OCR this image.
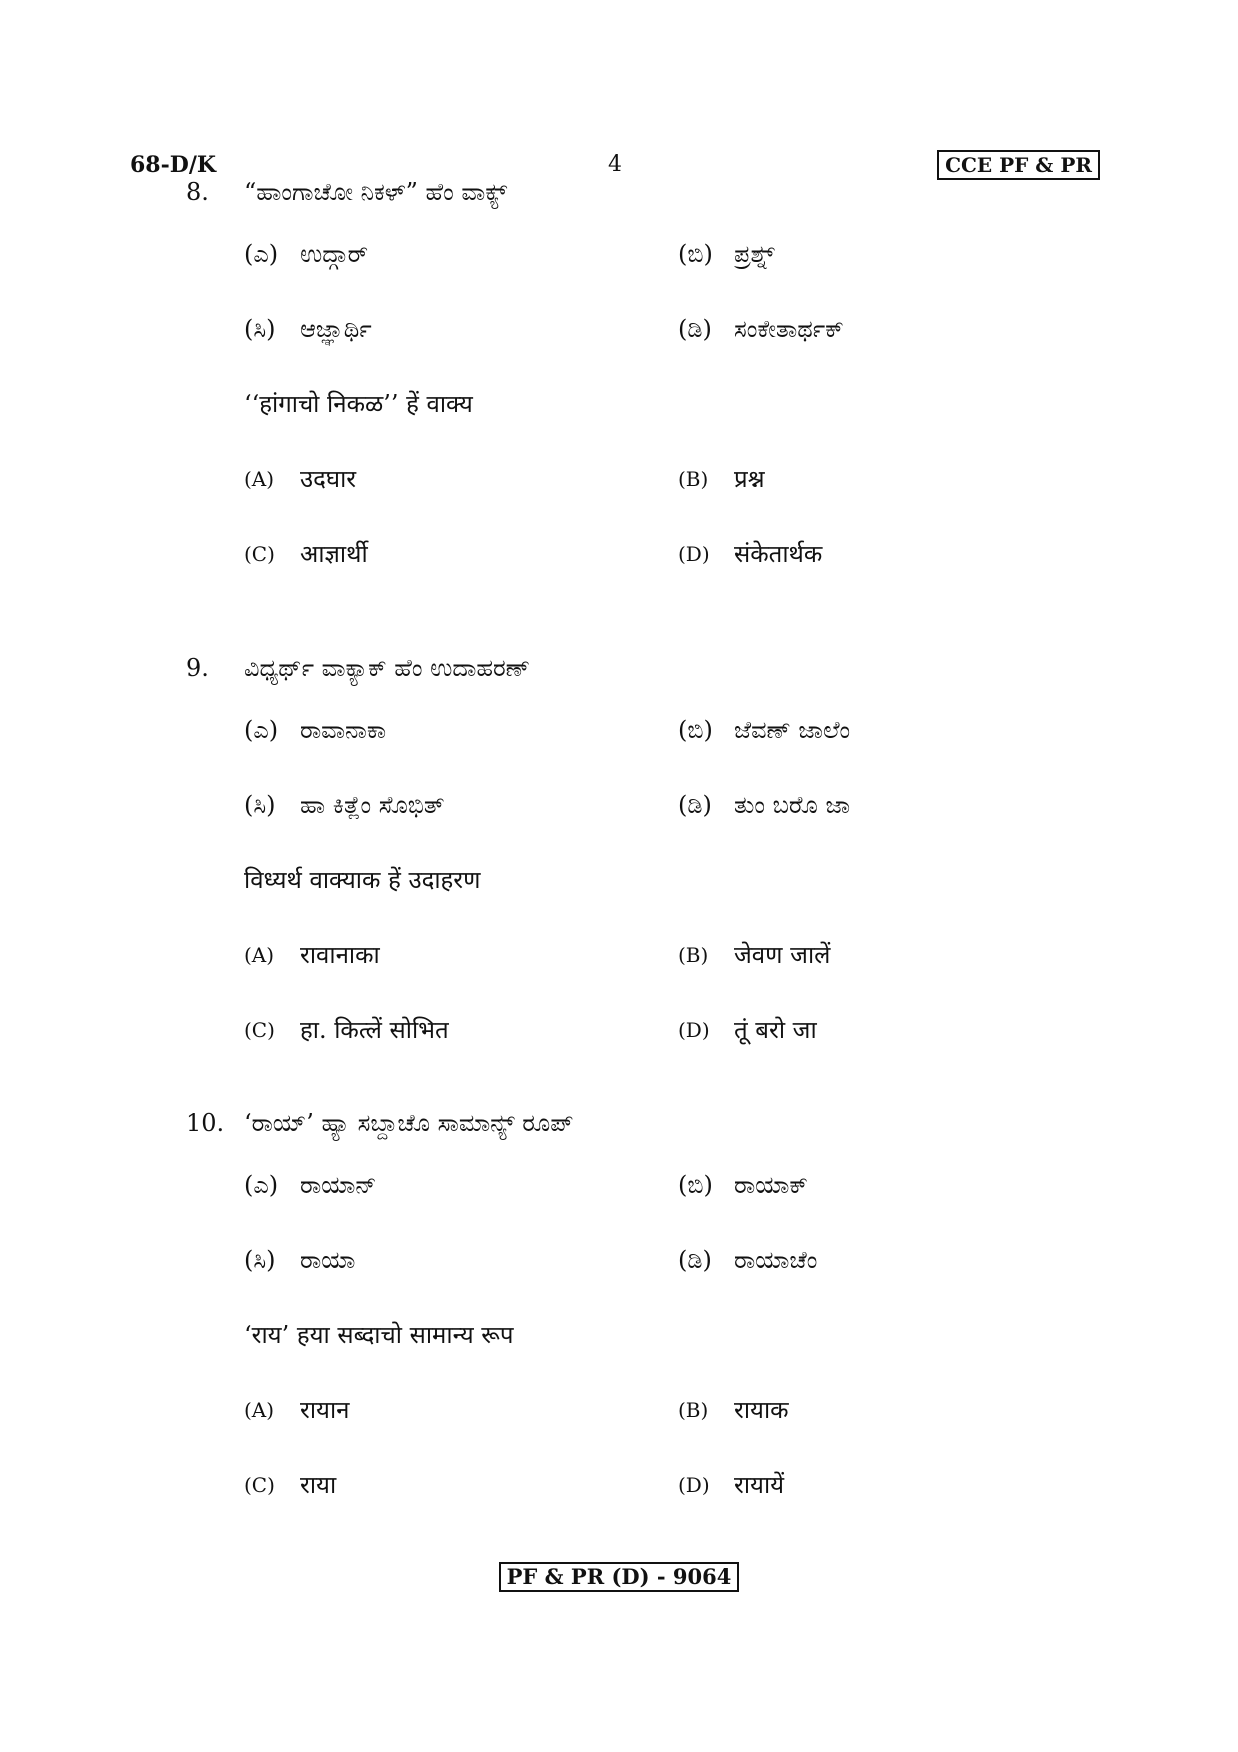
68-D/K	4	CCE PF & PR
8.	“ಹಾಂಗಾಚೋ ನಿಕಳ್” ಹೆಂ ವಾಕ್ಯ್
(ಎ) ಉದ್ಗಾರ್	(ಬಿ) ಪ್ರಶ್ನ್
(ಸಿ)	ಆಜ್ಞಾರ್ಥಿ	(ಡಿ) ಸಂಕೇತಾರ್ಥಕ್
‘‘हांगाचो निकळ’’ हें वाक्य
(A)	उदघार	(B)	प्रश्न
(C)	आज्ञार्थी	(D)	संकेतार्थक
9.	ವಿಧ್ಯರ್ಥ್ ವಾಕ್ಯಾಕ್ ಹೆಂ ಉದಾಹರಣ್
(ಎ) ರಾವಾನಾಕಾ	(ಬಿ) ಜೆವಣ್ ಜಾಲೆಂ
(ಸಿ)	ಹಾ ಕಿತ್ಲೆಂ ಸೊಭಿತ್	(ಡಿ) ತುಂ ಬರೊ ಜಾ
विध्यर्थ वाक्याक हें उदाहरण
(A)	रावानाका	(B)	जेवण जालें
(C)	हा. कित्लें सोभित	(D)	तूं बरो जा
10. ‘ರಾಯ್’ ಹ್ಯಾ ಸಬ್ದಾಚೊ ಸಾಮಾನ್ಯ್ ರೂಪ್
(ಎ) ರಾಯಾನ್	(ಬಿ) ರಾಯಾಕ್
(ಸಿ)	ರಾಯಾ	(ಡಿ) ರಾಯಾಚೆಂ
‘राय’ हया सब्दाचो सामान्य रूप
(A)	रायान	(B)	रायाक
(C)	राया	(D)	रायायें
PF & PR (D) - 9064
